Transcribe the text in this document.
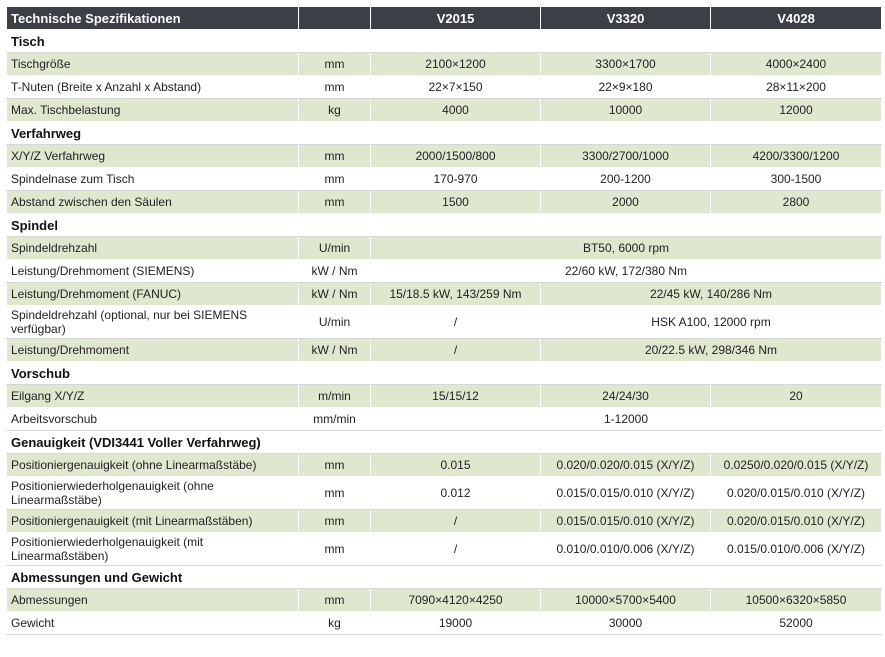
Technische Spezifikationen		V2015	V3320	V4028
Tisch				
Tischgröße	mm	2100×1200	3300×1700	4000×2400
T-Nuten (Breite x Anzahl x Abstand)	mm	22×7×150	22×9×180	28×11×200
Max. Tischbelastung	kg	4000	10000	12000
Verfahrweg				
X/Y/Z Verfahrweg	mm	2000/1500/800	3300/2700/1000	4200/3300/1200
Spindelnase zum Tisch	mm	170-970	200-1200	300-1500
Abstand zwischen den Säulen	mm	1500	2000	2800
Spindel				
Spindeldrehzahl	U/min	BT50, 6000 rpm		
Leistung/Drehmoment (SIEMENS)	kW / Nm	22/60 kW, 172/380 Nm		
Leistung/Drehmoment (FANUC)	kW / Nm	15/18.5 kW, 143/259 Nm	22/45 kW, 140/286 Nm	
Spindeldrehzahl (optional, nur bei SIEMENS verfügbar)	U/min	/	HSK A100, 12000 rpm	
Leistung/Drehmoment	kW / Nm	/	20/22.5 kW, 298/346 Nm	
Vorschub				
Eilgang X/Y/Z	m/min	15/15/12	24/24/30	20
Arbeitsvorschub	mm/min	1-12000		
Genauigkeit (VDI3441 Voller Verfahrweg)				
Positioniergenauigkeit (ohne Linearmaßstäbe)	mm	0.015	0.020/0.020/0.015 (X/Y/Z)	0.0250/0.020/0.015 (X/Y/Z)
Positionierwiederholgenauigkeit (ohne Linearmaßstäbe)	mm	0.012	0.015/0.015/0.010 (X/Y/Z)	0.020/0.015/0.010 (X/Y/Z)
Positioniergenauigkeit (mit Linearmaßstäben)	mm	/	0.015/0.015/0.010 (X/Y/Z)	0.020/0.015/0.010 (X/Y/Z)
Positionierwiederholgenauigkeit (mit Linearmaßstäben)	mm	/	0.010/0.010/0.006 (X/Y/Z)	0.015/0.010/0.006 (X/Y/Z)
Abmessungen und Gewicht				
Abmessungen	mm	7090×4120×4250	10000×5700×5400	10500×6320×5850
Gewicht	kg	19000	30000	52000
